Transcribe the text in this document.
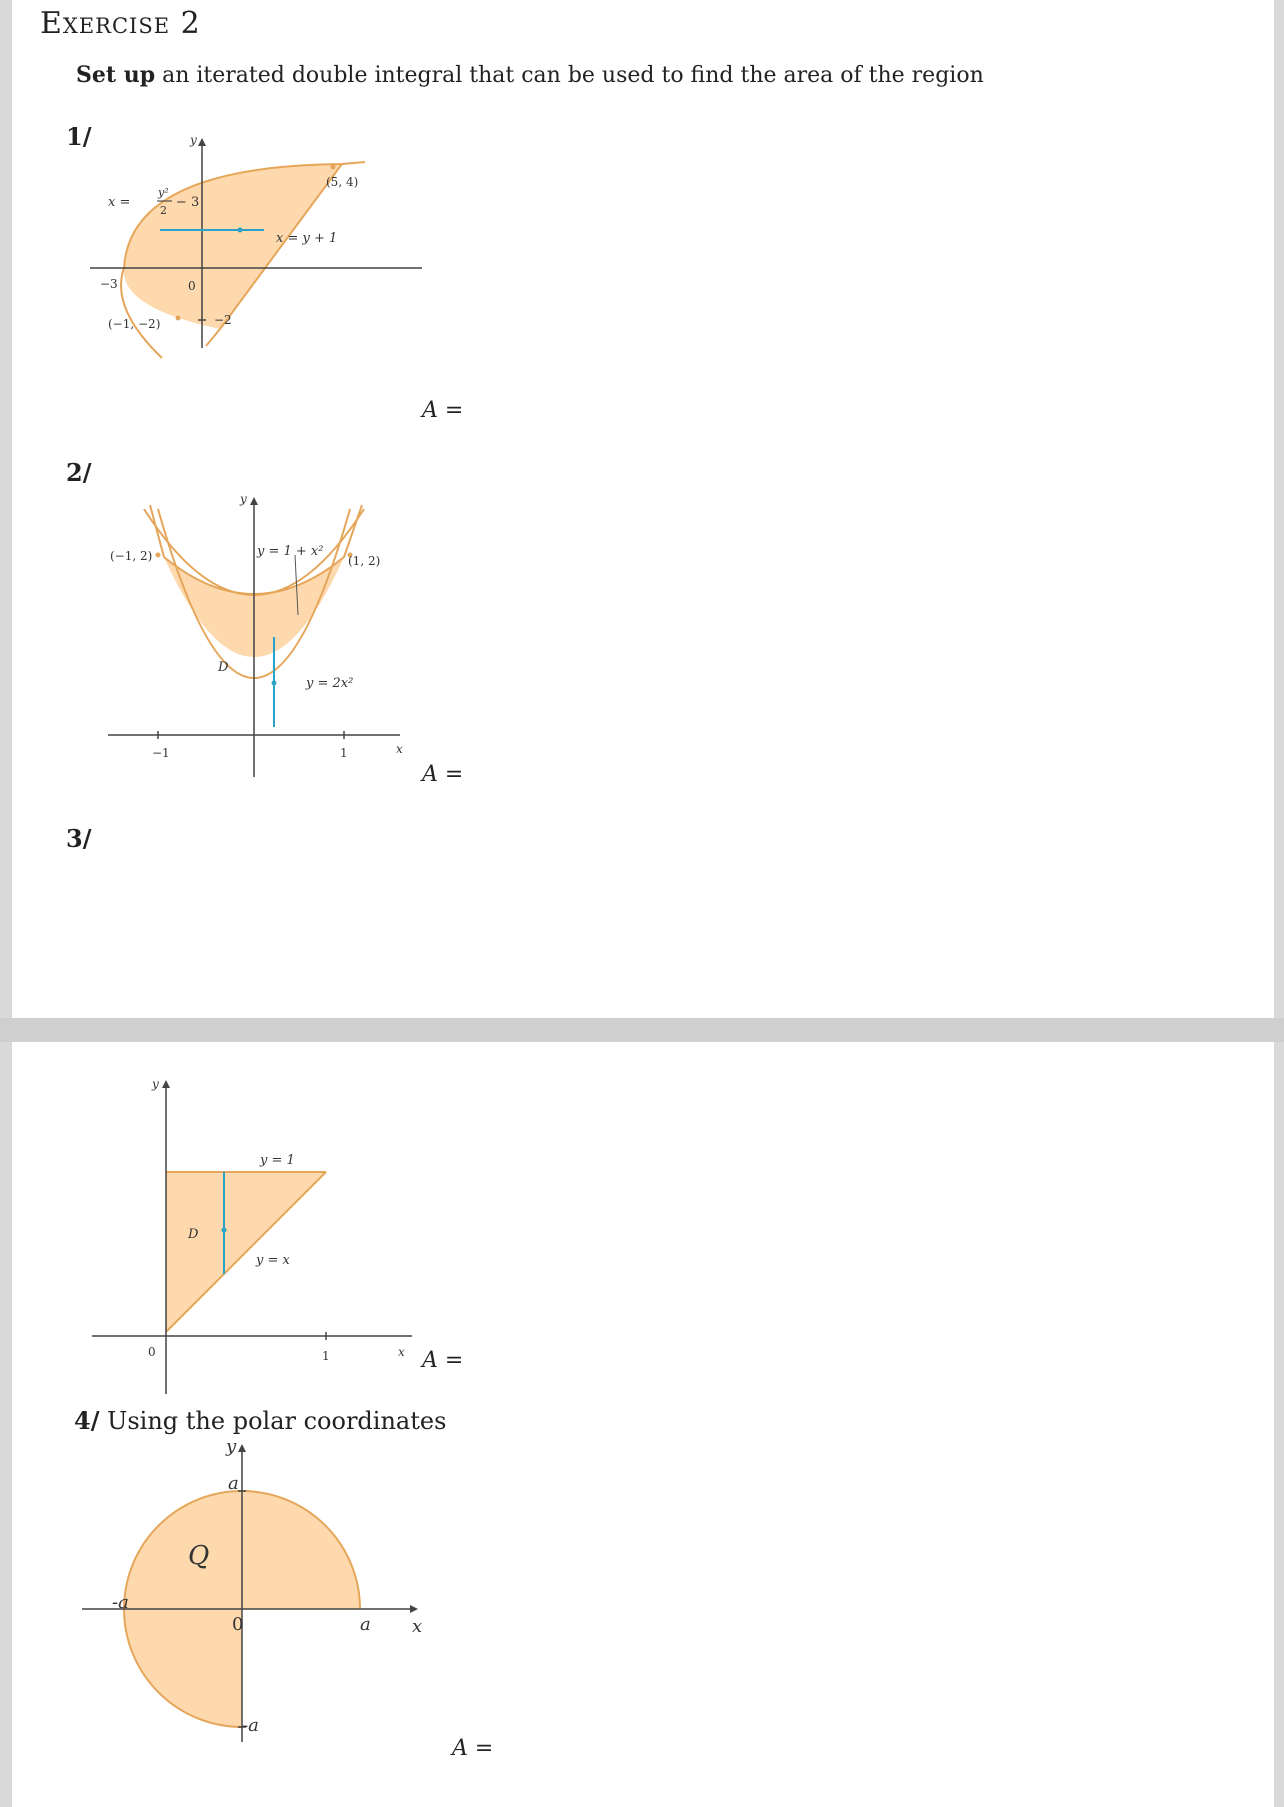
Exercise 2
Set up an iterated double integral that can be used to find the area of the region
1/	y
x =
y²
2
− 3
x = y + 1
(5, 4)
−3	0
(−1, −2)	−2
A =
2/
y
(−1, 2)	y = 1 + x²
(1, 2)
D
y = 2x²
−1	1	x
A =
3/
y
y = 1
D
y = x
0	1	x A =
4/ Using the polar coordinates
y
a
Q
-a
0	a x
-a
A =
